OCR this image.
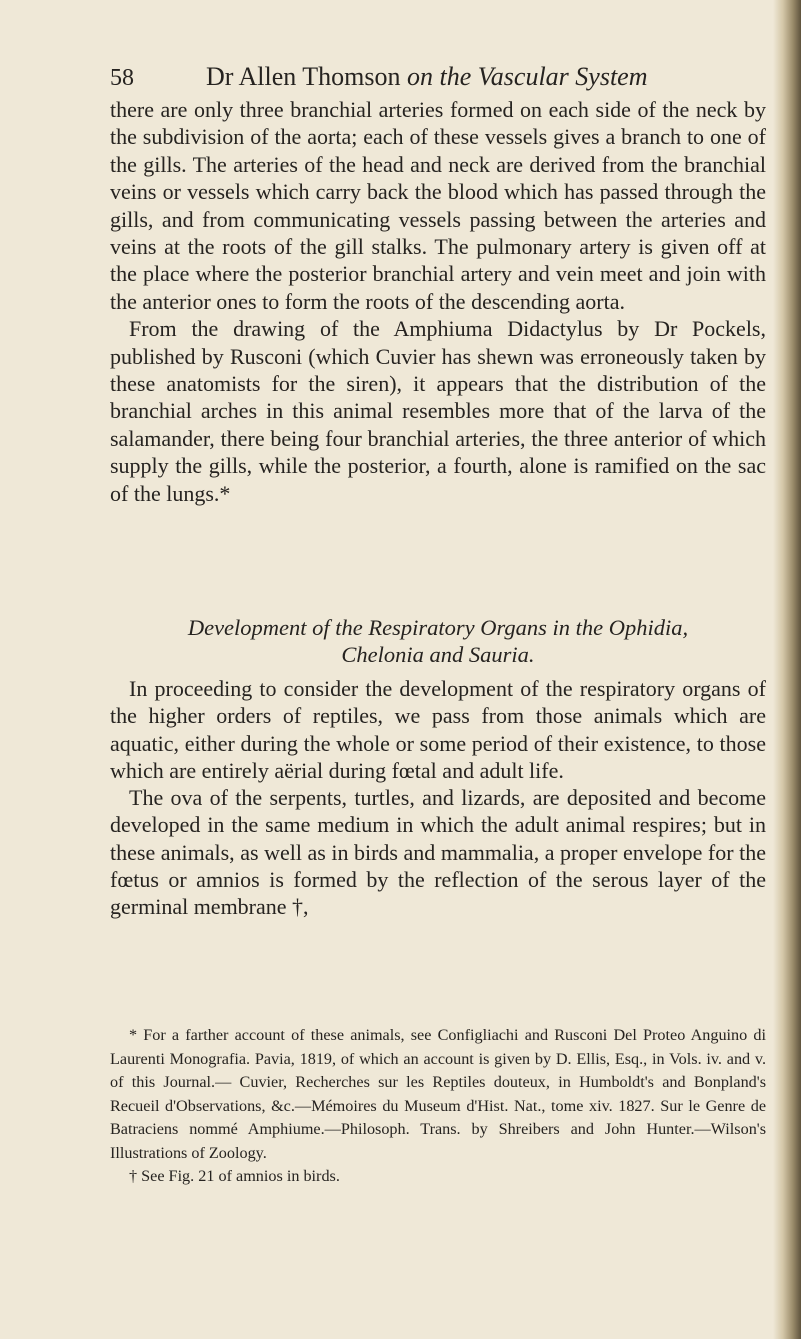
58	Dr Allen Thomson on the Vascular System

there are only three branchial arteries formed on each side of the neck by the subdivision of the aorta; each of these vessels gives a branch to one of the gills. The arteries of the head and neck are derived from the branchial veins or vessels which carry back the blood which has passed through the gills, and from communicating vessels passing between the arteries and veins at the roots of the gill stalks. The pulmonary artery is given off at the place where the posterior branchial artery and vein meet and join with the anterior ones to form the roots of the descending aorta.

From the drawing of the Amphiuma Didactylus by Dr Pockels, published by Rusconi (which Cuvier has shewn was erroneously taken by these anatomists for the siren), it appears that the distribution of the branchial arches in this animal resembles more that of the larva of the salamander, there being four branchial arteries, the three anterior of which supply the gills, while the posterior, a fourth, alone is ramified on the sac of the lungs.*

Development of the Respiratory Organs in the Ophidia,
Chelonia and Sauria.

In proceeding to consider the development of the respiratory organs of the higher orders of reptiles, we pass from those animals which are aquatic, either during the whole or some period of their existence, to those which are entirely aërial during fœtal and adult life.

The ova of the serpents, turtles, and lizards, are deposited and become developed in the same medium in which the adult animal respires; but in these animals, as well as in birds and mammalia, a proper envelope for the fœtus or amnios is formed by the reflection of the serous layer of the germinal membrane †,

* For a farther account of these animals, see Configliachi and Rusconi Del Proteo Anguino di Laurenti Monografia. Pavia, 1819, of which an account is given by D. Ellis, Esq., in Vols. iv. and v. of this Journal.— Cuvier, Recherches sur les Reptiles douteux, in Humboldt's and Bonpland's Recueil d'Observations, &c.—Mémoires du Museum d'Hist. Nat., tome xiv. 1827. Sur le Genre de Batraciens nommé Amphiume.—Philosoph. Trans. by Shreibers and John Hunter.—Wilson's Illustrations of Zoology.

† See Fig. 21 of amnios in birds.
